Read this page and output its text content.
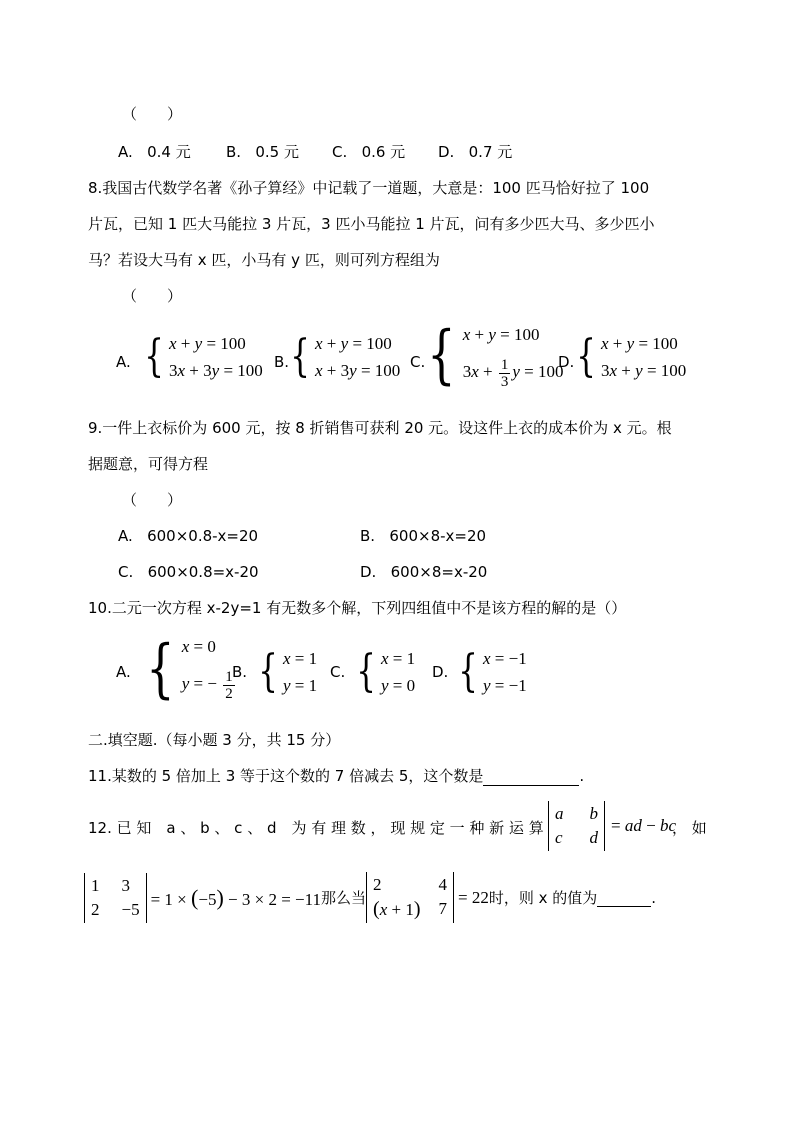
（　　）
A. 0.4 元 B. 0.5 元 C. 0.6 元 D. 0.7 元
8.我国古代数学名著《孙子算经》中记载了一道题，大意是：100 匹马恰好拉了 100
片瓦，已知 1 匹大马能拉 3 片瓦，3 匹小马能拉 1 片瓦，问有多少匹大马、多少匹小
马？若设大马有 x 匹，小马有 y 匹，则可列方程组为
（　　）
A. { x + y = 100
3x + 3y = 100 B. { x + y = 100
x + 3y = 100 C. { x + y = 100
$3x + \frac{1}{3}$ y = 100
D. { x + y = 100
3x + y = 100
9.一件上衣标价为 600 元，按 8 折销售可获利 20 元。设这件上衣的成本价为 x 元。根
据题意，可得方程
（　　）
A. 600×0.8-x=20	B. 600×8-x=20
C. 600×0.8=x-20	D. 600×8=x-20
10.二元一次方程 x-2y=1 有无数多个解，下列四组值中不是该方程的解的是（）
A. { x = 0
y = − $\frac{1}{2}$
B. { x = 1
y = 1
C. { x = 1
y = 0
D. { x = −1
y = −1
二.填空题.（每小题 3 分，共 15 分）
11.某数的 5 倍加上 3 等于这个数的 7 倍减去 5，这个数是	.
12. 已 知　a 、 b 、 c 、 d　为 有 理 数 ， 现 规 定 一 种 新 运 算
a b
c d
= ad − bc
， 如
1 3
2 −5
= 1 × (−5) − 3 × 2 = −11 那么当
2	4
(x + 1) 7
= 22 时，则 x 的值为	.
